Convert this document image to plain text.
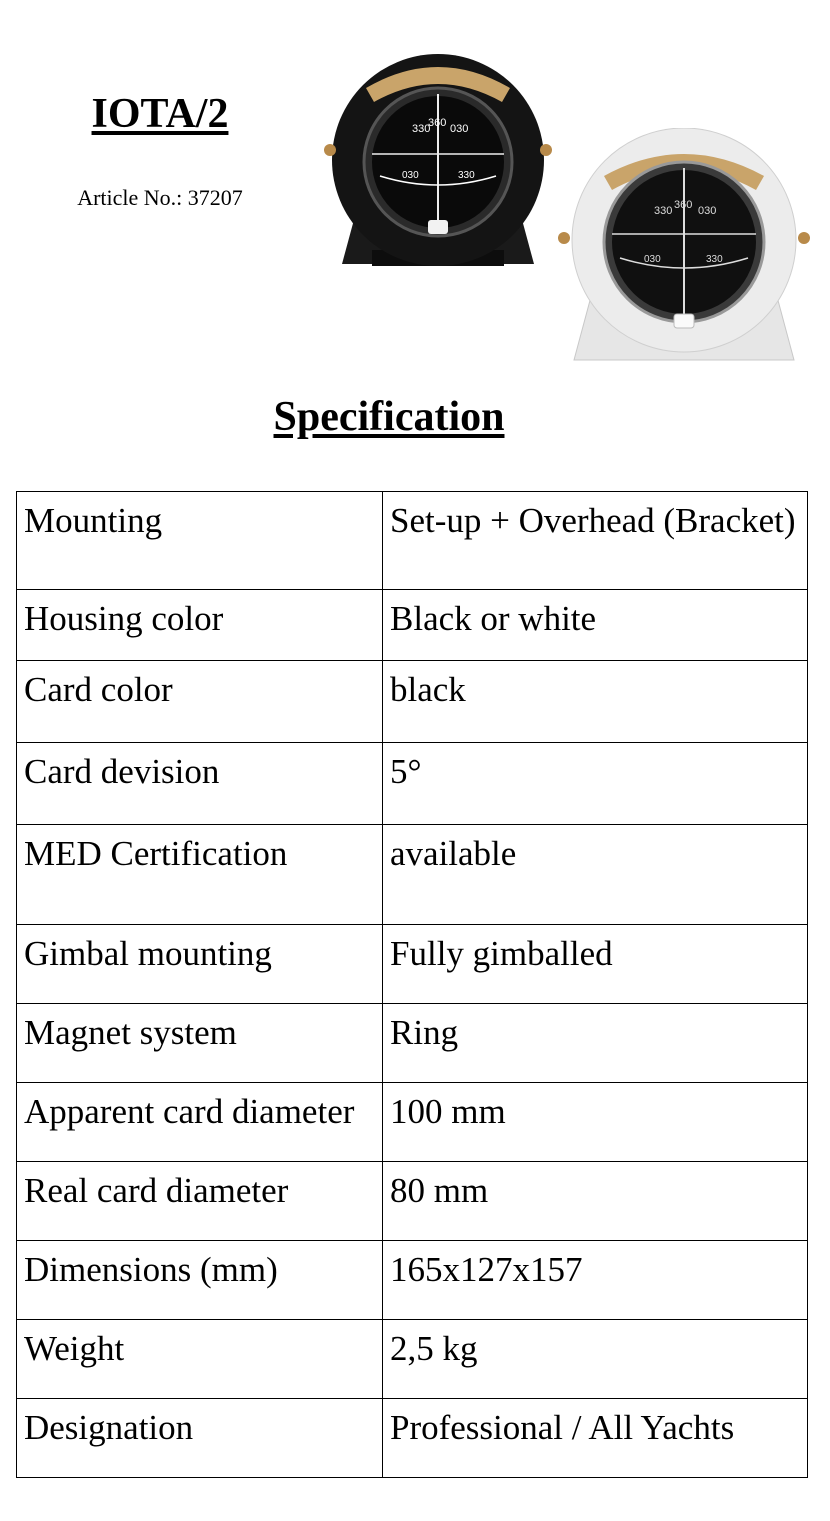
IOTA/2
Article No.: 37207
330
360 030
030	330
330 360 030
030	330
Specification
Mounting	Set-up + Overhead (Bracket)
Housing color	Black or white
Card color	black
Card devision	5°
MED Certification	available
Gimbal mounting	Fully gimballed
Magnet system	Ring
Apparent card diameter	100 mm
Real card diameter	80 mm
Dimensions (mm)	165x127x157
Weight	2,5 kg
Designation	Professional / All Yachts
